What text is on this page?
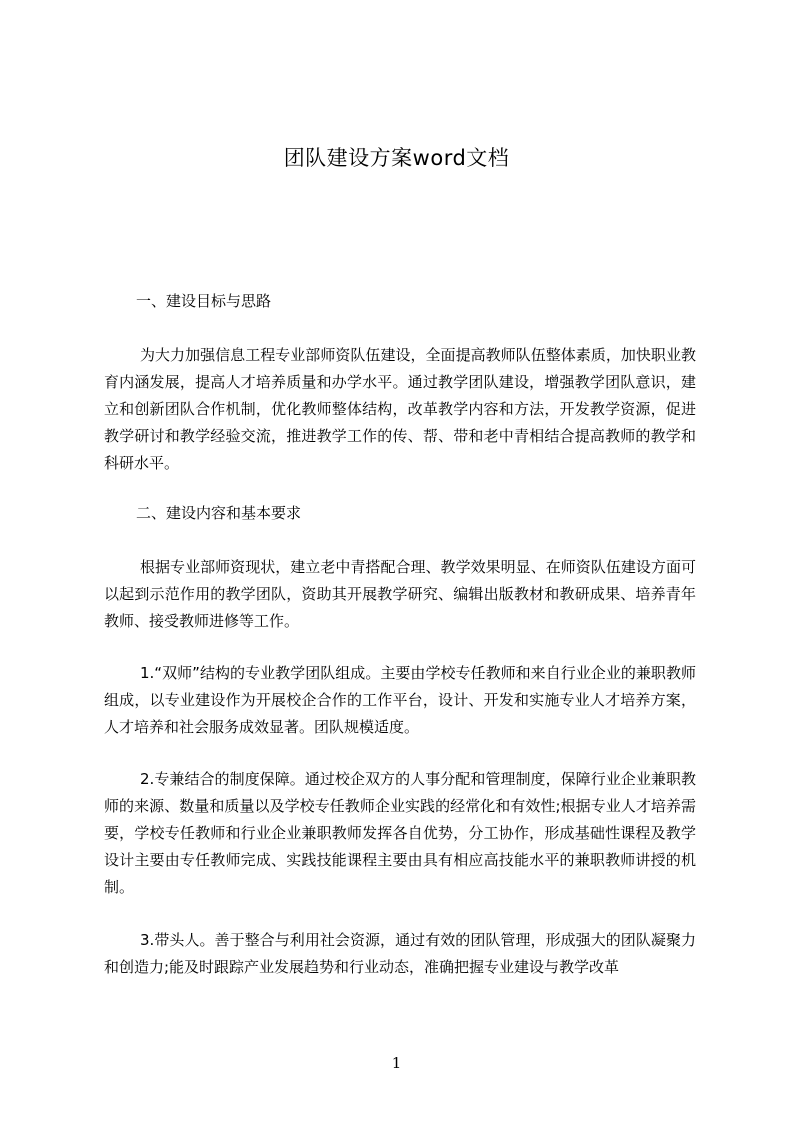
团队建设方案word文档

一、建设目标与思路

为大力加强信息工程专业部师资队伍建设，全面提高教师队伍整体素质，加快职业教育内涵发展，提高人才培养质量和办学水平。通过教学团队建设，增强教学团队意识，建立和创新团队合作机制，优化教师整体结构，改革教学内容和方法，开发教学资源，促进教学研讨和教学经验交流，推进教学工作的传、帮、带和老中青相结合提高教师的教学和科研水平。

二、建设内容和基本要求

根据专业部师资现状，建立老中青搭配合理、教学效果明显、在师资队伍建设方面可以起到示范作用的教学团队，资助其开展教学研究、编辑出版教材和教研成果、培养青年教师、接受教师进修等工作。

1.“双师”结构的专业教学团队组成。主要由学校专任教师和来自行业企业的兼职教师组成，以专业建设作为开展校企合作的工作平台，设计、开发和实施专业人才培养方案，人才培养和社会服务成效显著。团队规模适度。

2.专兼结合的制度保障。通过校企双方的人事分配和管理制度，保障行业企业兼职教师的来源、数量和质量以及学校专任教师企业实践的经常化和有效性;根据专业人才培养需要，学校专任教师和行业企业兼职教师发挥各自优势，分工协作，形成基础性课程及教学设计主要由专任教师完成、实践技能课程主要由具有相应高技能水平的兼职教师讲授的机制。

3.带头人。善于整合与利用社会资源，通过有效的团队管理，形成强大的团队凝聚力和创造力;能及时跟踪产业发展趋势和行业动态，准确把握专业建设与教学改革

1
